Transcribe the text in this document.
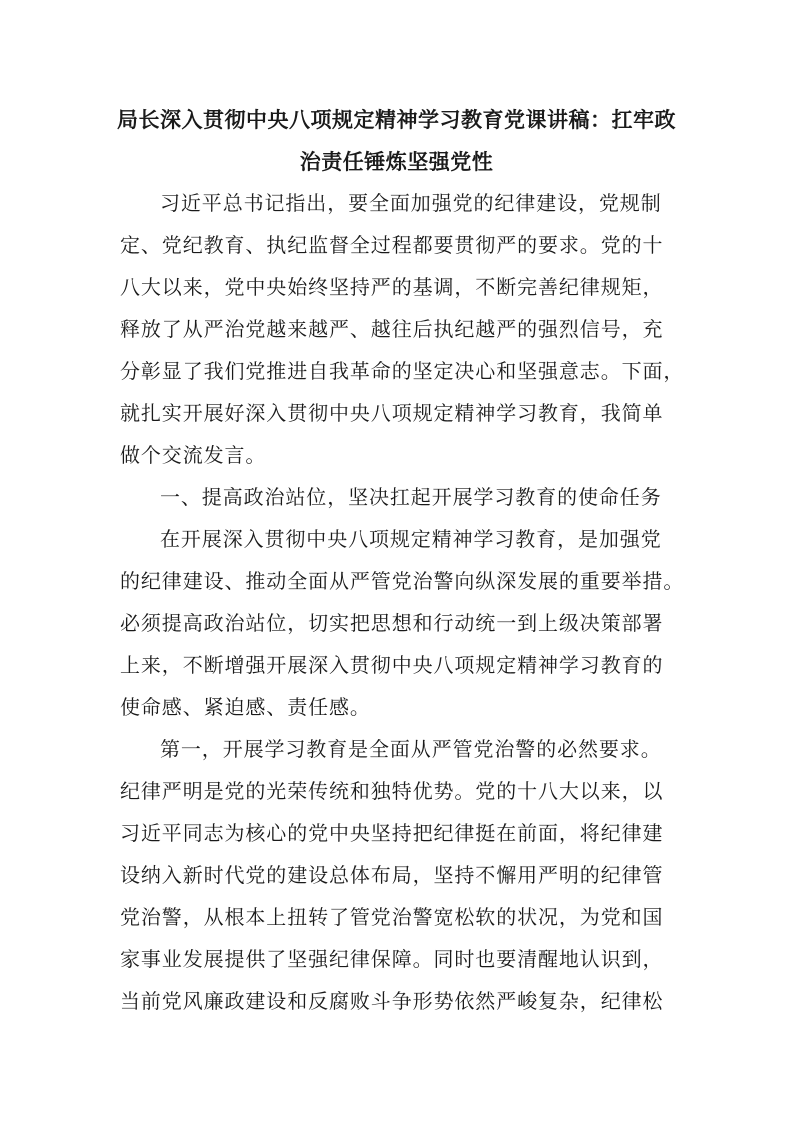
局长深入贯彻中央八项规定精神学习教育党课讲稿：扛牢政
治责任锤炼坚强党性
习近平总书记指出，要全面加强党的纪律建设，党规制
定、党纪教育、执纪监督全过程都要贯彻严的要求。党的十
八大以来，党中央始终坚持严的基调，不断完善纪律规矩，
释放了从严治党越来越严、越往后执纪越严的强烈信号，充
分彰显了我们党推进自我革命的坚定决心和坚强意志。下面，
就扎实开展好深入贯彻中央八项规定精神学习教育，我简单
做个交流发言。
一、提高政治站位，坚决扛起开展学习教育的使命任务
在开展深入贯彻中央八项规定精神学习教育，是加强党
的纪律建设、推动全面从严管党治警向纵深发展的重要举措。
必须提高政治站位，切实把思想和行动统一到上级决策部署
上来，不断增强开展深入贯彻中央八项规定精神学习教育的
使命感、紧迫感、责任感。
第一，开展学习教育是全面从严管党治警的必然要求。
纪律严明是党的光荣传统和独特优势。党的十八大以来，以
习近平同志为核心的党中央坚持把纪律挺在前面，将纪律建
设纳入新时代党的建设总体布局，坚持不懈用严明的纪律管
党治警，从根本上扭转了管党治警宽松软的状况，为党和国
家事业发展提供了坚强纪律保障。同时也要清醒地认识到，
当前党风廉政建设和反腐败斗争形势依然严峻复杂，纪律松
